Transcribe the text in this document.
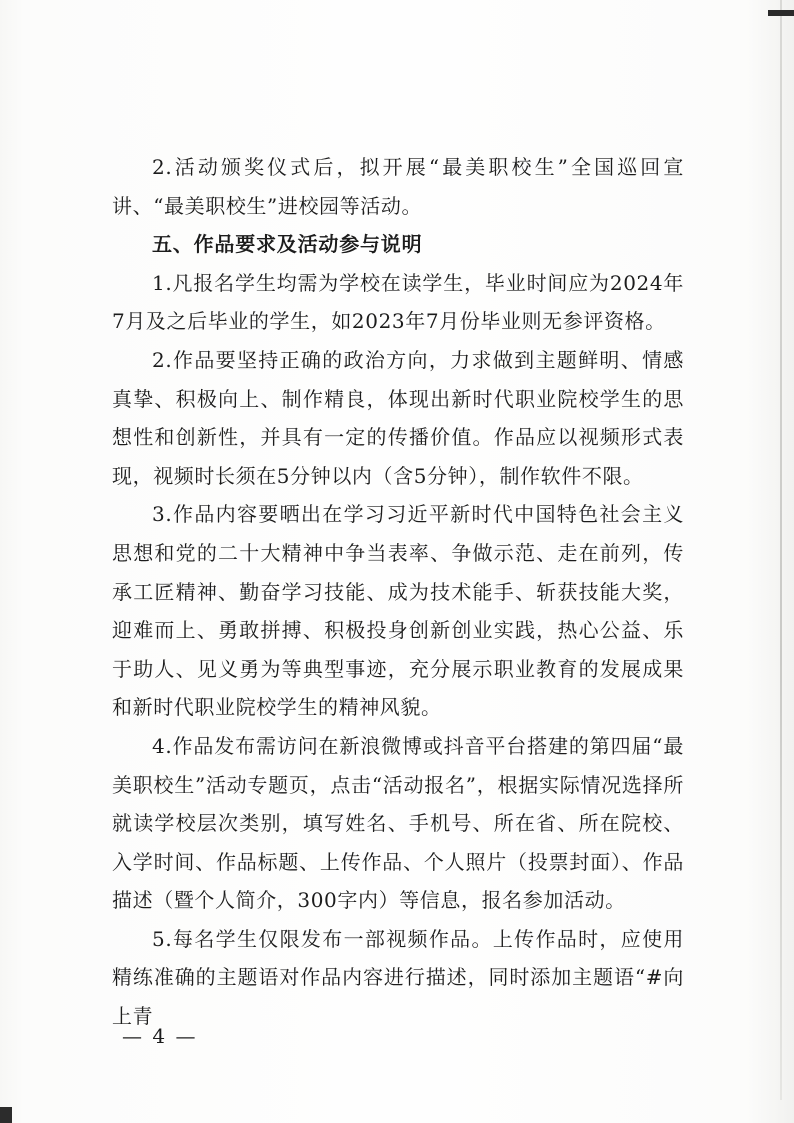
2.活动颁奖仪式后，拟开展“最美职校生”全国巡回宣讲、“最美职校生”进校园等活动。

五、作品要求及活动参与说明

1.凡报名学生均需为学校在读学生，毕业时间应为2024年7月及之后毕业的学生，如2023年7月份毕业则无参评资格。

2.作品要坚持正确的政治方向，力求做到主题鲜明、情感真挚、积极向上、制作精良，体现出新时代职业院校学生的思想性和创新性，并具有一定的传播价值。作品应以视频形式表现，视频时长须在5分钟以内（含5分钟），制作软件不限。

3.作品内容要晒出在学习习近平新时代中国特色社会主义思想和党的二十大精神中争当表率、争做示范、走在前列，传承工匠精神、勤奋学习技能、成为技术能手、斩获技能大奖，迎难而上、勇敢拼搏、积极投身创新创业实践，热心公益、乐于助人、见义勇为等典型事迹，充分展示职业教育的发展成果和新时代职业院校学生的精神风貌。

4.作品发布需访问在新浪微博或抖音平台搭建的第四届“最美职校生”活动专题页，点击“活动报名”，根据实际情况选择所就读学校层次类别，填写姓名、手机号、所在省、所在院校、入学时间、作品标题、上传作品、个人照片（投票封面）、作品描述（暨个人简介，300字内）等信息，报名参加活动。

5.每名学生仅限发布一部视频作品。上传作品时，应使用精练准确的主题语对作品内容进行描述，同时添加主题语“#向上青

— 4 —
